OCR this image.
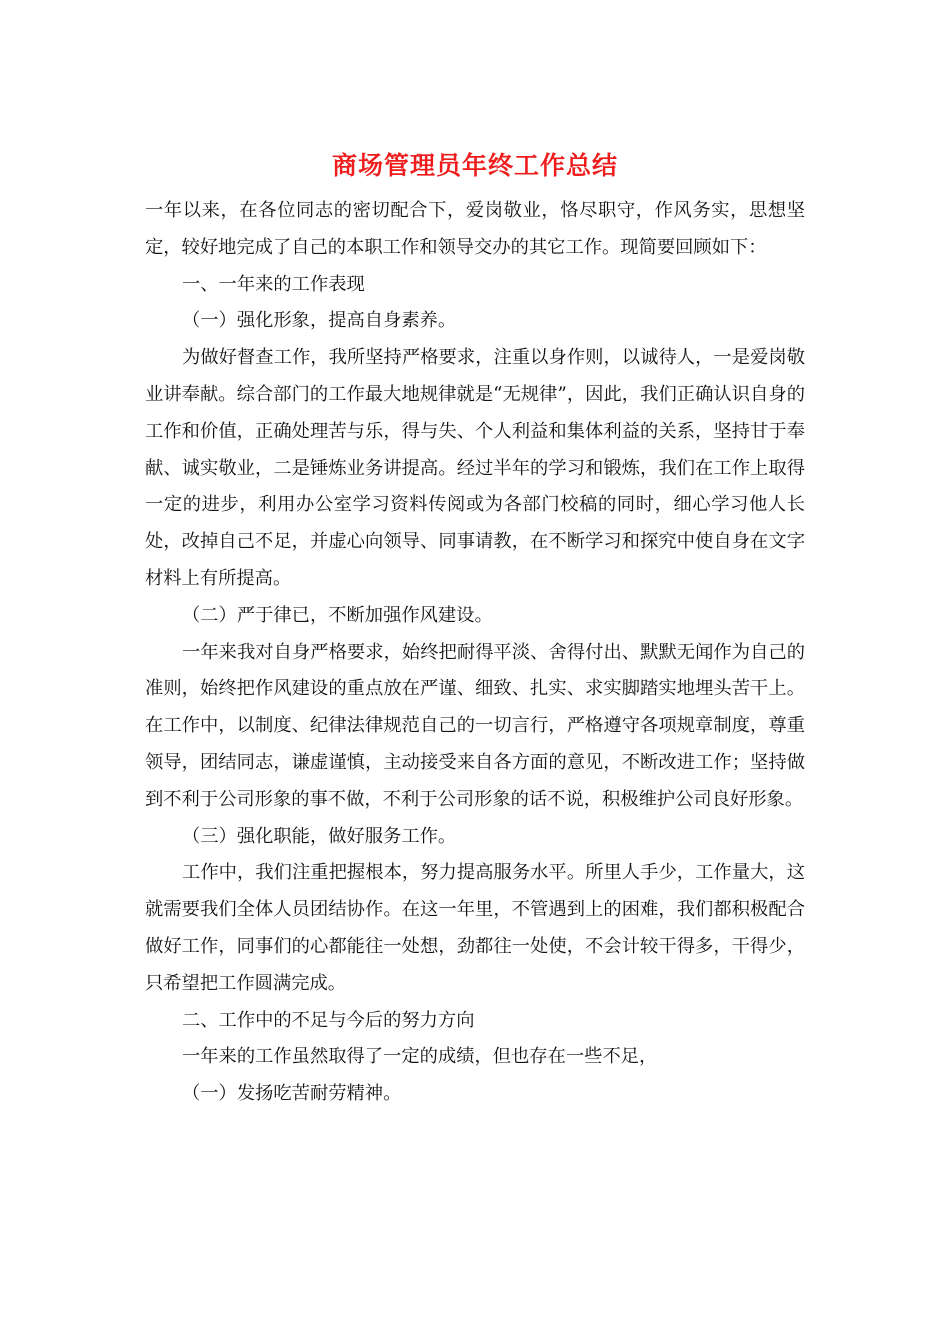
商场管理员年终工作总结

一年以来，在各位同志的密切配合下，爱岗敬业，恪尽职守，作风务实，思想坚定，较好地完成了自己的本职工作和领导交办的其它工作。现简要回顾如下：

一、一年来的工作表现

（一）强化形象，提高自身素养。

为做好督查工作，我所坚持严格要求，注重以身作则，以诚待人，一是爱岗敬业讲奉献。综合部门的工作最大地规律就是“无规律”，因此，我们正确认识自身的工作和价值，正确处理苦与乐，得与失、个人利益和集体利益的关系，坚持甘于奉献、诚实敬业，二是锤炼业务讲提高。经过半年的学习和锻炼，我们在工作上取得一定的进步，利用办公室学习资料传阅或为各部门校稿的同时，细心学习他人长处，改掉自己不足，并虚心向领导、同事请教，在不断学习和探究中使自身在文字材料上有所提高。

（二）严于律已，不断加强作风建设。

一年来我对自身严格要求，始终把耐得平淡、舍得付出、默默无闻作为自己的准则，始终把作风建设的重点放在严谨、细致、扎实、求实脚踏实地埋头苦干上。在工作中，以制度、纪律法律规范自己的一切言行，严格遵守各项规章制度，尊重领导，团结同志，谦虚谨慎，主动接受来自各方面的意见，不断改进工作；坚持做到不利于公司形象的事不做，不利于公司形象的话不说，积极维护公司良好形象。

（三）强化职能，做好服务工作。

工作中，我们注重把握根本，努力提高服务水平。所里人手少，工作量大，这就需要我们全体人员团结协作。在这一年里，不管遇到上的困难，我们都积极配合做好工作，同事们的心都能往一处想，劲都往一处使，不会计较干得多，干得少，只希望把工作圆满完成。

二、工作中的不足与今后的努力方向

一年来的工作虽然取得了一定的成绩，但也存在一些不足，

（一）发扬吃苦耐劳精神。
